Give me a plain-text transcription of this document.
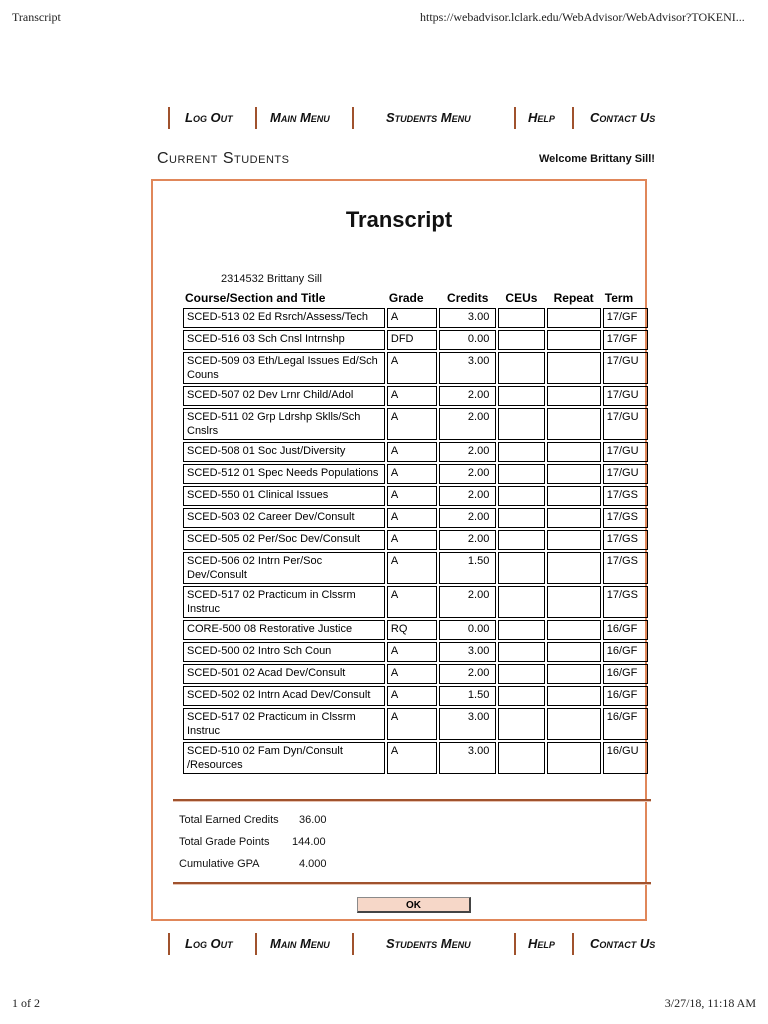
Transcript	https://webadvisor.lclark.edu/WebAdvisor/WebAdvisor?TOKENI...
Log Out	Main Menu	Students Menu	Help	Contact Us
Current Students	Welcome Brittany Sill!
Transcript
2314532 Brittany Sill
Course/Section and Title	Grade	Credits	CEUs	Repeat	Term
SCED-513 02 Ed Rsrch/Assess/Tech	A	3.00			17/GF
SCED-516 03 Sch Cnsl Intrnshp	DFD	0.00			17/GF
SCED-509 03 Eth/Legal Issues Ed/Sch Couns	A	3.00			17/GU
SCED-507 02 Dev Lrnr Child/Adol	A	2.00			17/GU
SCED-511 02 Grp Ldrshp Sklls/Sch Cnslrs	A	2.00			17/GU
SCED-508 01 Soc Just/Diversity	A	2.00			17/GU
SCED-512 01 Spec Needs Populations	A	2.00			17/GU
SCED-550 01 Clinical Issues	A	2.00			17/GS
SCED-503 02 Career Dev/Consult	A	2.00			17/GS
SCED-505 02 Per/Soc Dev/Consult	A	2.00			17/GS
SCED-506 02 Intrn Per/Soc Dev/Consult	A	1.50			17/GS
SCED-517 02 Practicum in Clssrm Instruc	A	2.00			17/GS
CORE-500 08 Restorative Justice	RQ	0.00			16/GF
SCED-500 02 Intro Sch Coun	A	3.00			16/GF
SCED-501 02 Acad Dev/Consult	A	2.00			16/GF
SCED-502 02 Intrn Acad Dev/Consult	A	1.50			16/GF
SCED-517 02 Practicum in Clssrm Instruc	A	3.00			16/GF
SCED-510 02 Fam Dyn/Consult /Resources	A	3.00			16/GU
Total Earned Credits 36.00
Total Grade Points 144.00
Cumulative GPA	4.000
OK
Log Out	Main Menu	Students Menu	Help	Contact Us
1 of 2	3/27/18, 11:18 AM
